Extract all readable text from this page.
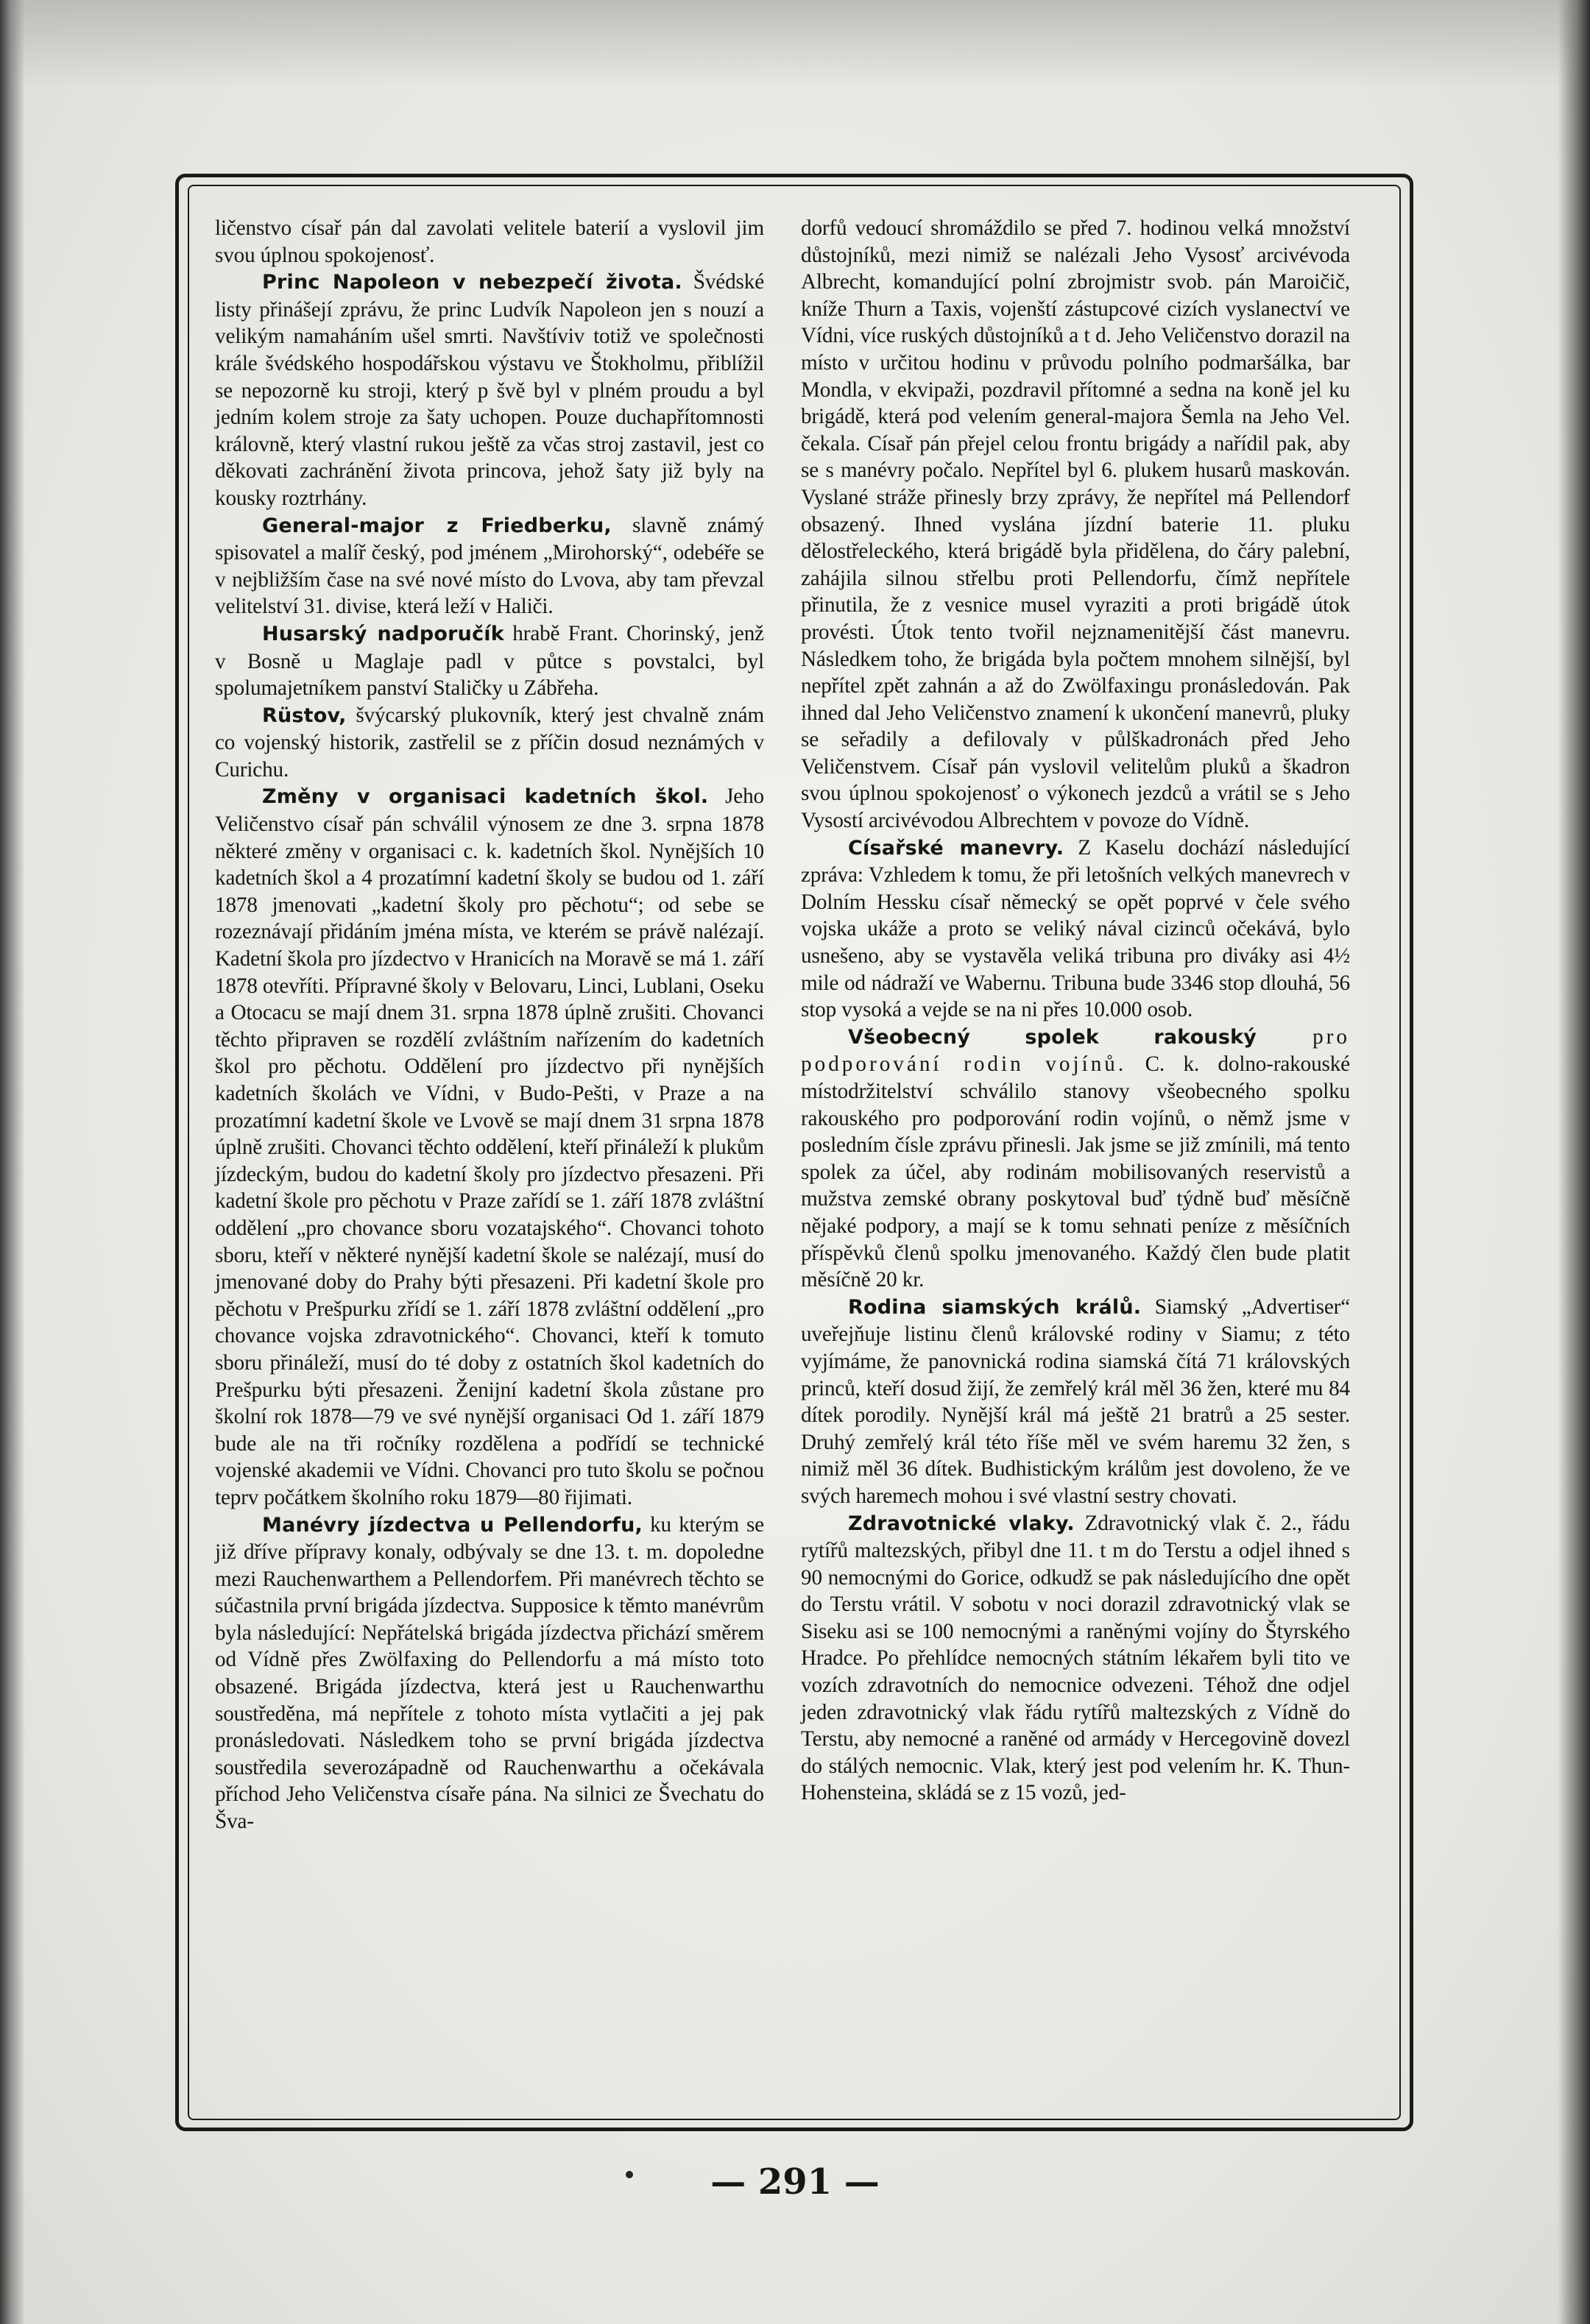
ličenstvo císař pán dal zavolati velitele baterií a vyslovil jim svou úplnou spokojenosť.

Princ Napoleon v nebezpečí života. Švédské listy přinášejí zprávu, že princ Ludvík Napoleon jen s nouzí a velikým namaháním ušel smrti. Navštíviv totiž ve společnosti krále švédského hospodářskou výstavu ve Štokholmu, přiblížil se nepozorně ku stroji, který p švě byl v plném proudu a byl jedním kolem stroje za šaty uchopen. Pouze duchapřítomnosti královně, který vlastní rukou ještě za včas stroj zastavil, jest co děkovati zachránění života princova, jehož šaty již byly na kousky roztrhány.

General-major z Friedberku, slavně známý spisovatel a malíř český, pod jménem „Mirohorský“, odebéře se v nejbližším čase na své nové místo do Lvova, aby tam převzal velitelství 31. divise, která leží v Haliči.

Husarský nadporučík hrabě Frant. Chorinský, jenž v Bosně u Maglaje padl v půtce s povstalci, byl spolumajetníkem panství Staličky u Zábřeha.

Rüstov, švýcarský plukovník, který jest chvalně znám co vojenský historik, zastřelil se z příčin dosud neznámých v Curichu.

Změny v organisaci kadetních škol. Jeho Veličenstvo císař pán schválil výnosem ze dne 3. srpna 1878 některé změny v organisaci c. k. kadetních škol. Nynějších 10 kadetních škol a 4 prozatímní kadetní školy se budou od 1. září 1878 jmenovati „kadetní školy pro pěchotu“; od sebe se rozeznávají přidáním jména místa, ve kterém se právě nalézají. Kadetní škola pro jízdectvo v Hranicích na Moravě se má 1. září 1878 otevříti. Přípravné školy v Belovaru, Linci, Lublani, Oseku a Otocacu se mají dnem 31. srpna 1878 úplně zrušiti. Chovanci těchto připraven se rozdělí zvláštním nařízením do kadetních škol pro pěchotu. Oddělení pro jízdectvo při nynějších kadetních školách ve Vídni, v Budo-Pešti, v Praze a na prozatímní kadetní škole ve Lvově se mají dnem 31 srpna 1878 úplně zrušiti. Chovanci těchto oddělení, kteří přináleží k plukům jízdeckým, budou do kadetní školy pro jízdectvo přesazeni. Při kadetní škole pro pěchotu v Praze zařídí se 1. září 1878 zvláštní oddělení „pro chovance sboru vozatajského“. Chovanci tohoto sboru, kteří v některé nynější kadetní škole se nalézají, musí do jmenované doby do Prahy býti přesazeni. Při kadetní škole pro pěchotu v Prešpurku zřídí se 1. září 1878 zvláštní oddělení „pro chovance vojska zdravotnického“. Chovanci, kteří k tomuto sboru přináleží, musí do té doby z ostatních škol kadetních do Prešpurku býti přesazeni. Ženijní kadetní škola zůstane pro školní rok 1878—79 ve své nynější organisaci Od 1. září 1879 bude ale na tři ročníky rozdělena a podřídí se technické vojenské akademii ve Vídni. Chovanci pro tuto školu se počnou teprv počátkem školního roku 1879—80 řijimati.

Manévry jízdectva u Pellendorfu, ku kterým se již dříve přípravy konaly, odbývaly se dne 13. t. m. dopoledne mezi Rauchenwarthem a Pellendorfem. Při manévrech těchto se súčastnila první brigáda jízdectva. Supposice k těmto manévrům byla následující: Nepřátelská brigáda jízdectva přichází směrem od Vídně přes Zwölfaxing do Pellendorfu a má místo toto obsazené. Brigáda jízdectva, která jest u Rauchenwarthu soustředěna, má nepřítele z tohoto místa vytlačiti a jej pak pronásledovati. Následkem toho se první brigáda jízdectva soustředila severozápadně od Rauchenwarthu a očekávala příchod Jeho Veličenstva císaře pána. Na silnici ze Švechatu do Šva-

dorfů vedoucí shromáždilo se před 7. hodinou velká množství důstojníků, mezi nimiž se nalézali Jeho Vysosť arcivévoda Albrecht, komandující polní zbrojmistr svob. pán Maroičič, kníže Thurn a Taxis, vojenští zástupcové cizích vyslanectví ve Vídni, více ruských důstojníků a t d. Jeho Veličenstvo dorazil na místo v určitou hodinu v průvodu polního podmaršálka, bar Mondla, v ekvipaži, pozdravil přítomné a sedna na koně jel ku brigádě, která pod velením general-majora Šemla na Jeho Vel. čekala. Císař pán přejel celou frontu brigády a nařídil pak, aby se s manévry počalo. Nepřítel byl 6. plukem husarů maskován. Vyslané stráže přinesly brzy zprávy, že nepřítel má Pellendorf obsazený. Ihned vyslána jízdní baterie 11. pluku dělostřeleckého, která brigádě byla přidělena, do čáry palební, zahájila silnou střelbu proti Pellendorfu, čímž nepřítele přinutila, že z vesnice musel vyraziti a proti brigádě útok provésti. Útok tento tvořil nejznamenitější část manevru. Následkem toho, že brigáda byla počtem mnohem silnější, byl nepřítel zpět zahnán a až do Zwölfaxingu pronásledován. Pak ihned dal Jeho Veličenstvo znamení k ukončení manevrů, pluky se seřadily a defilovaly v půlškadronách před Jeho Veličenstvem. Císař pán vyslovil velitelům pluků a škadron svou úplnou spokojenosť o výkonech jezdců a vrátil se s Jeho Vysostí arcivévodou Albrechtem v povoze do Vídně.

Císařské manevry. Z Kaselu dochází následující zpráva: Vzhledem k tomu, že při letošních velkých manevrech v Dolním Hessku císař německý se opět poprvé v čele svého vojska ukáže a proto se veliký nával cizinců očekává, bylo usnešeno, aby se vystavěla veliká tribuna pro diváky asi 4½ mile od nádraží ve Wabernu. Tribuna bude 3346 stop dlouhá, 56 stop vysoká a vejde se na ni přes 10.000 osob.

Všeobecný spolek rakouský pro podporování rodin vojínů. C. k. dolno-rakouské místodržitelství schválilo stanovy všeobecného spolku rakouského pro podporování rodin vojínů, o němž jsme v posledním čísle zprávu přinesli. Jak jsme se již zmínili, má tento spolek za účel, aby rodinám mobilisovaných reservistů a mužstva zemské obrany poskytoval buď týdně buď měsíčně nějaké podpory, a mají se k tomu sehnati peníze z měsíčních příspěvků členů spolku jmenovaného. Každý člen bude platit měsíčně 20 kr.

Rodina siamských králů. Siamský „Advertiser“ uveřejňuje listinu členů královské rodiny v Siamu; z této vyjímáme, že panovnická rodina siamská čítá 71 královských princů, kteří dosud žijí, že zemřelý král měl 36 žen, které mu 84 dítek porodily. Nynější král má ještě 21 bratrů a 25 sester. Druhý zemřelý král této říše měl ve svém haremu 32 žen, s nimiž měl 36 dítek. Budhistickým králům jest dovoleno, že ve svých haremech mohou i své vlastní sestry chovati.

Zdravotnické vlaky. Zdravotnický vlak č. 2., řádu rytířů maltezských, přibyl dne 11. t m do Terstu a odjel ihned s 90 nemocnými do Gorice, odkudž se pak následujícího dne opět do Terstu vrátil. V sobotu v noci dorazil zdravotnický vlak se Siseku asi se 100 nemocnými a raněnými vojíny do Štyrského Hradce. Po přehlídce nemocných státním lékařem byli tito ve vozích zdravotních do nemocnice odvezeni. Téhož dne odjel jeden zdravotnický vlak řádu rytířů maltezských z Vídně do Terstu, aby nemocné a raněné od armády v Hercegovině dovezl do stálých nemocnic. Vlak, který jest pod velením hr. K. Thun-Hohensteina, skládá se z 15 vozů, jed-

— 291 —
